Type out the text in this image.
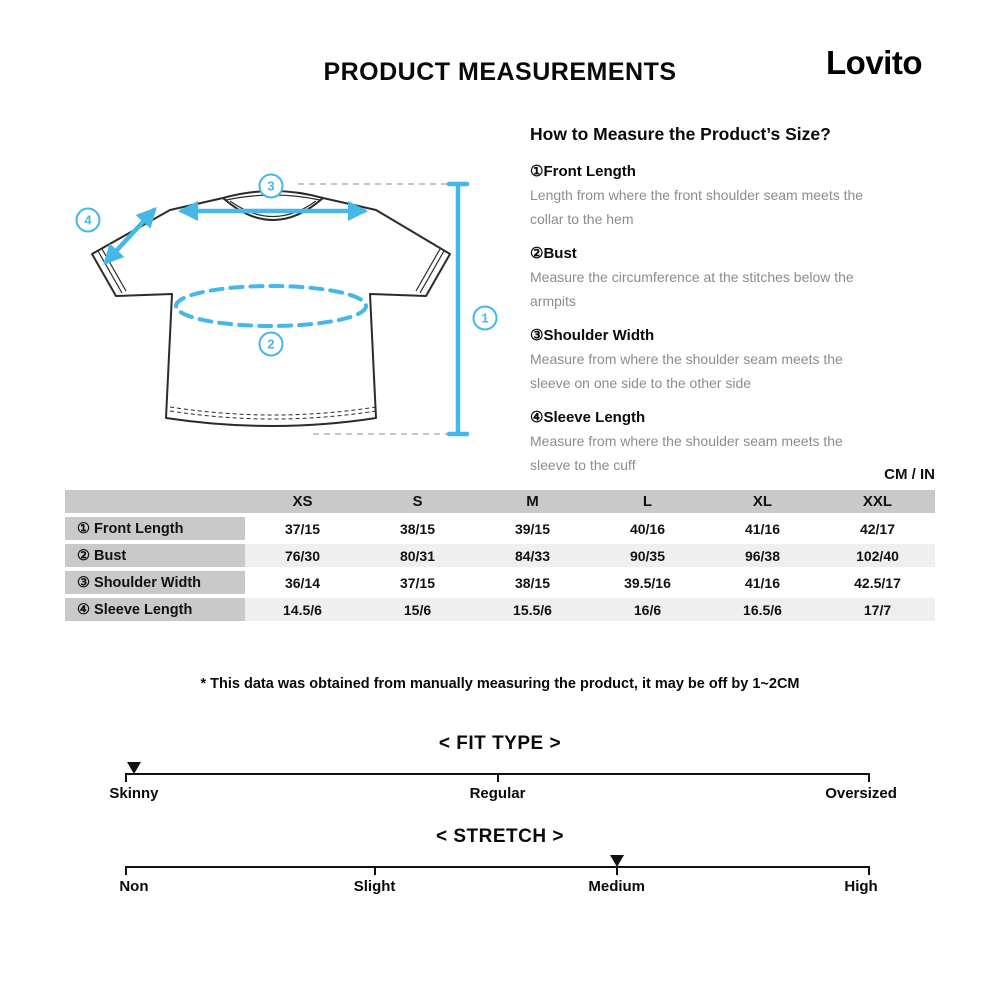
PRODUCT MEASUREMENTS	Lovito
1
2
3
4
How to Measure the Product’s Size?
①Front Length
Length from where the front shoulder seam meets the collar to the hem
②Bust
Measure the circumference at the stitches below the armpits
③Shoulder Width
Measure from where the shoulder seam meets the sleeve on one side to the other side
④Sleeve Length
Measure from where the shoulder seam meets the sleeve to the cuff
CM / IN
	XS	S	M	L	XL	XXL
① Front Length	37/15	38/15	39/15	40/16	41/16	42/17
② Bust	76/30	80/31	84/33	90/35	96/38	102/40
③ Shoulder Width	36/14	37/15	38/15	39.5/16	41/16	42.5/17
④ Sleeve Length	14.5/6	15/6	15.5/6	16/6	16.5/6	17/7
* This data was obtained from manually measuring the product, it may be off by 1~2CM
< FIT TYPE >
Skinny	Regular	Oversized
< STRETCH >
Non	Slight	Medium	High
